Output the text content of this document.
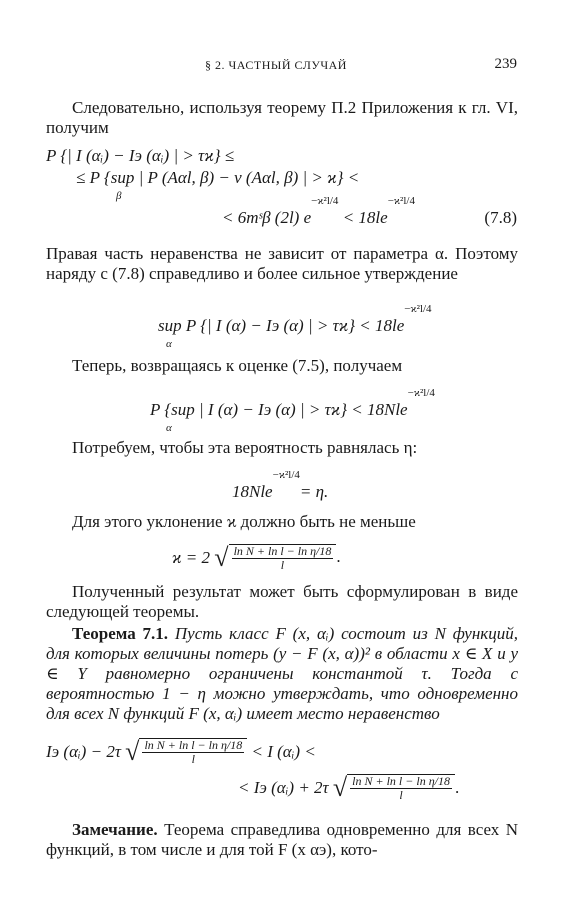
§ 2. ЧАСТНЫЙ СЛУЧАЙ	239
Следовательно, используя теорему П.2 Приложения к гл. VI, получим
P {| I (αᵢ) − Iэ (αᵢ) | > τϰ} ≤
≤ P {sup | P (Aαl, β) − ν (Aαl, β) | > ϰ} <
β
< 6mˢβ (2l) e−ϰ²l/4 < 18le−ϰ²l/4
(7.8)
Правая часть неравенства не зависит от параметра α. Поэтому наряду с (7.8) справедливо и более сильное утверждение
sup P {| I (α) − Iэ (α) | > τϰ} < 18le−ϰ²l/4
α
Теперь, возвращаясь к оценке (7.5), получаем
P {sup | I (α) − Iэ (α) | > τϰ} < 18Nle−ϰ²l/4
α
Потребуем, чтобы эта вероятность равнялась η:
18Nle−ϰ²l/4= η.
Для этого уклонение ϰ должно быть не меньше
ϰ = 2 √ $\frac{\text{ln N + ln l − ln η/18}}{l}$ .
Полученный результат может быть сформулирован в виде следующей теоремы.
Теорема 7.1. Пусть класс F (x, αᵢ) состоит из N функций, для которых величины потерь (y − F (x, α))² в области x ∈ X и y ∈ Y равномерно ограничены константой τ. Тогда с вероятностью 1 − η можно утверждать, что одновременно для всех N функций F (x, αᵢ) имеет место неравенство
Iэ (αᵢ) − 2τ √ $\frac{\text{ln N + ln l − ln η/18}}{l} < I$ (αᵢ) <
< Iэ (αᵢ) + 2τ √ $\frac{\text{ln N + ln l − ln η/18}}{l}$ .
Замечание. Теорема справедлива одновременно для всех N функций, в том числе и для той F (x αэ), кото-
